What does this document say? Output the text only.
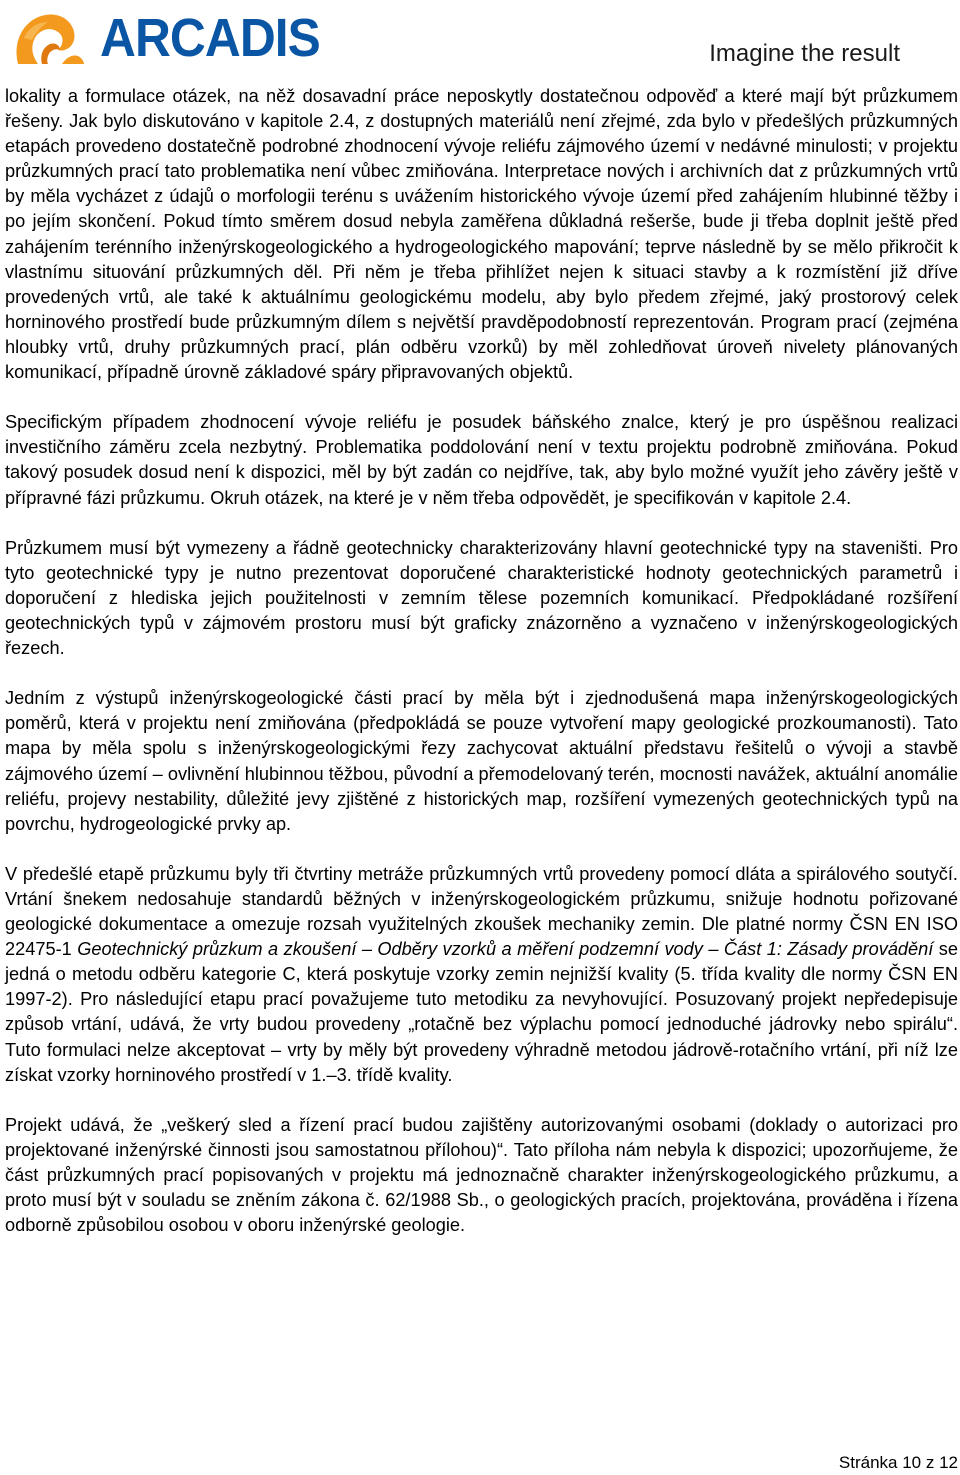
ARCADIS	Imagine the result

lokality a formulace otázek, na něž dosavadní práce neposkytly dostatečnou odpověď a které mají být průzkumem řešeny. Jak bylo diskutováno v kapitole 2.4, z dostupných materiálů není zřejmé, zda bylo v předešlých průzkumných etapách provedeno dostatečně podrobné zhodnocení vývoje reliéfu zájmového území v nedávné minulosti; v projektu průzkumných prací tato problematika není vůbec zmiňována. Interpretace nových i archivních dat z průzkumných vrtů by měla vycházet z údajů o morfologii terénu s uvážením historického vývoje území před zahájením hlubinné těžby i po jejím skončení. Pokud tímto směrem dosud nebyla zaměřena důkladná rešerše, bude ji třeba doplnit ještě před zahájením terénního inženýrskogeologického a hydrogeologického mapování; teprve následně by se mělo přikročit k vlastnímu situování průzkumných děl. Při něm je třeba přihlížet nejen k situaci stavby a k rozmístění již dříve provedených vrtů, ale také k aktuálnímu geologickému modelu, aby bylo předem zřejmé, jaký prostorový celek horninového prostředí bude průzkumným dílem s největší pravděpodobností reprezentován. Program prací (zejména hloubky vrtů, druhy průzkumných prací, plán odběru vzorků) by měl zohledňovat úroveň nivelety plánovaných komunikací, případně úrovně základové spáry připravovaných objektů.

Specifickým případem zhodnocení vývoje reliéfu je posudek báňského znalce, který je pro úspěšnou realizaci investičního záměru zcela nezbytný. Problematika poddolování není v textu projektu podrobně zmiňována. Pokud takový posudek dosud není k dispozici, měl by být zadán co nejdříve, tak, aby bylo možné využít jeho závěry ještě v přípravné fázi průzkumu. Okruh otázek, na které je v něm třeba odpovědět, je specifikován v kapitole 2.4.

Průzkumem musí být vymezeny a řádně geotechnicky charakterizovány hlavní geotechnické typy na staveništi. Pro tyto geotechnické typy je nutno prezentovat doporučené charakteristické hodnoty geotechnických parametrů i doporučení z hlediska jejich použitelnosti v zemním tělese pozemních komunikací. Předpokládané rozšíření geotechnických typů v zájmovém prostoru musí být graficky znázorněno a vyznačeno v inženýrskogeologických řezech.

Jedním z výstupů inženýrskogeologické části prací by měla být i zjednodušená mapa inženýrskogeologických poměrů, která v projektu není zmiňována (předpokládá se pouze vytvoření mapy geologické prozkoumanosti). Tato mapa by měla spolu s inženýrskogeologickými řezy zachycovat aktuální představu řešitelů o vývoji a stavbě zájmového území – ovlivnění hlubinnou těžbou, původní a přemodelovaný terén, mocnosti navážek, aktuální anomálie reliéfu, projevy nestability, důležité jevy zjištěné z historických map, rozšíření vymezených geotechnických typů na povrchu, hydrogeologické prvky ap.

V předešlé etapě průzkumu byly tři čtvrtiny metráže průzkumných vrtů provedeny pomocí dláta a spirálového soutyčí. Vrtání šnekem nedosahuje standardů běžných v inženýrskogeologickém průzkumu, snižuje hodnotu pořizované geologické dokumentace a omezuje rozsah využitelných zkoušek mechaniky zemin. Dle platné normy ČSN EN ISO 22475-1 Geotechnický průzkum a zkoušení – Odběry vzorků a měření podzemní vody – Část 1: Zásady provádění se jedná o metodu odběru kategorie C, která poskytuje vzorky zemin nejnižší kvality (5. třída kvality dle normy ČSN EN 1997-2). Pro následující etapu prací považujeme tuto metodiku za nevyhovující. Posuzovaný projekt nepředepisuje způsob vrtání, udává, že vrty budou provedeny „rotačně bez výplachu pomocí jednoduché jádrovky nebo spirálu“. Tuto formulaci nelze akceptovat – vrty by měly být provedeny výhradně metodou jádrově-rotačního vrtání, při níž lze získat vzorky horninového prostředí v 1.–3. třídě kvality.

Projekt udává, že „veškerý sled a řízení prací budou zajištěny autorizovanými osobami (doklady o autorizaci pro projektované inženýrské činnosti jsou samostatnou přílohou)“. Tato příloha nám nebyla k dispozici; upozorňujeme, že část průzkumných prací popisovaných v projektu má jednoznačně charakter inženýrskogeologického průzkumu, a proto musí být v souladu se zněním zákona č. 62/1988 Sb., o geologických pracích, projektována, prováděna i řízena odborně způsobilou osobou v oboru inženýrské geologie.

Stránka 10 z 12
